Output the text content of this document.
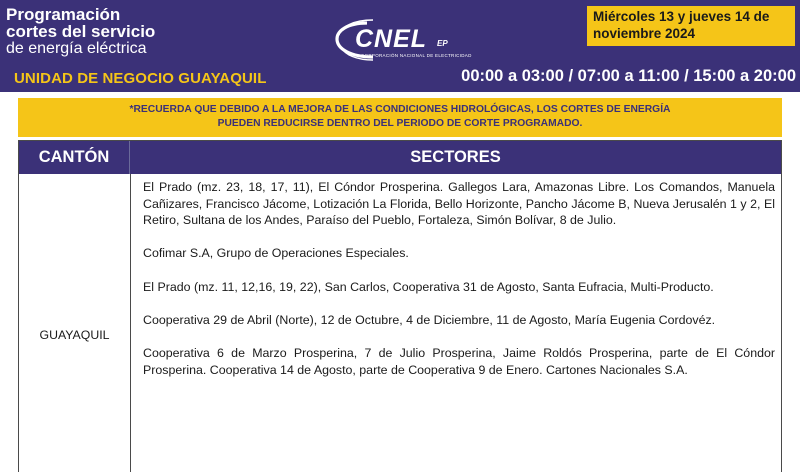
Programación
cortes del servicio
de energía eléctrica
UNIDAD DE NEGOCIO GUAYAQUIL
CNEL EP
CORPORACIÓN NACIONAL DE ELECTRICIDAD
Miércoles 13 y jueves 14 de noviembre 2024
00:00 a 03:00 / 07:00 a 11:00 / 15:00 a 20:00
*RECUERDA QUE DEBIDO A LA MEJORA DE LAS CONDICIONES HIDROLÓGICAS, LOS CORTES DE ENERGÍA
PUEDEN REDUCIRSE DENTRO DEL PERIODO DE CORTE PROGRAMADO.
CANTÓN	SECTORES
GUAYAQUIL

El Prado (mz. 23, 18, 17, 11), El Cóndor Prosperina. Gallegos Lara, Amazonas Libre. Los Comandos, Manuela Cañizares, Francisco Jácome, Lotización La Florida, Bello Horizonte, Pancho Jácome B, Nueva Jerusalén 1 y 2, El Retiro, Sultana de los Andes, Paraíso del Pueblo, Fortaleza, Simón Bolívar, 8 de Julio.

Cofimar S.A, Grupo de Operaciones Especiales.

El Prado (mz. 11, 12,16, 19, 22), San Carlos, Cooperativa 31 de Agosto, Santa Eufracia, Multi-Producto.

Cooperativa 29 de Abril (Norte), 12 de Octubre, 4 de Diciembre, 11 de Agosto, María Eugenia Cordovéz.

Cooperativa 6 de Marzo Prosperina, 7 de Julio Prosperina, Jaime Roldós Prosperina, parte de El Cóndor Prosperina. Cooperativa 14 de Agosto, parte de Cooperativa 9 de Enero. Cartones Nacionales S.A.
